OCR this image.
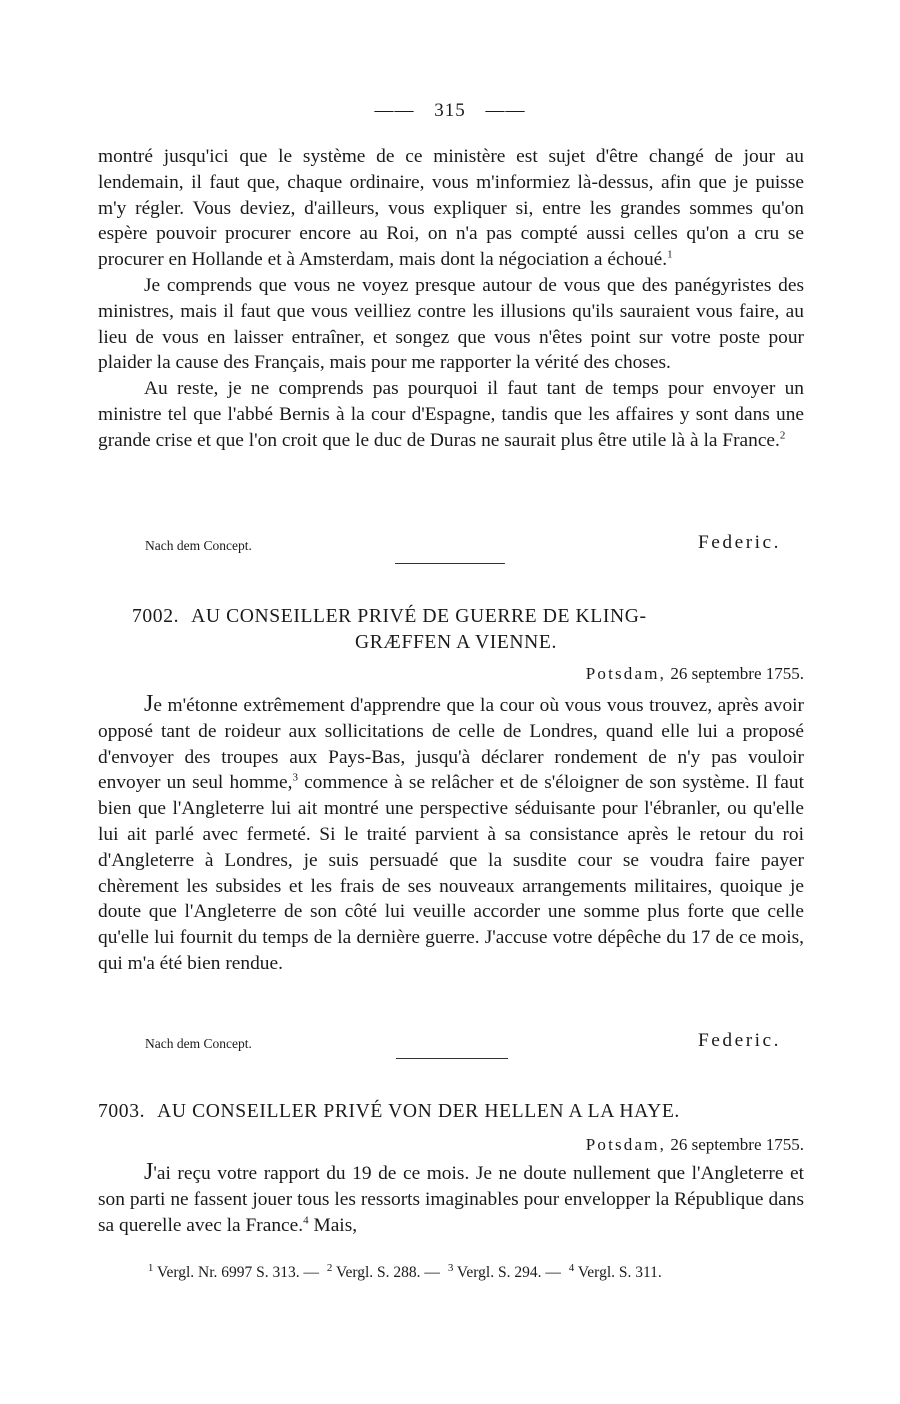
—— 315 ——

montré jusqu'ici que le système de ce ministère est sujet d'être changé de jour au lendemain, il faut que, chaque ordinaire, vous m'informiez là-dessus, afin que je puisse m'y régler. Vous deviez, d'ailleurs, vous expliquer si, entre les grandes sommes qu'on espère pouvoir procurer encore au Roi, on n'a pas compté aussi celles qu'on a cru se procurer en Hollande et à Amsterdam, mais dont la négociation a échoué.$^1$

Je comprends que vous ne voyez presque autour de vous que des panégyristes des ministres, mais il faut que vous veilliez contre les illusions qu'ils sauraient vous faire, au lieu de vous en laisser entraîner, et songez que vous n'êtes point sur votre poste pour plaider la cause des Français, mais pour me rapporter la vérité des choses.

Au reste, je ne comprends pas pourquoi il faut tant de temps pour envoyer un ministre tel que l'abbé Bernis à la cour d'Espagne, tandis que les affaires y sont dans une grande crise et que l'on croit que le duc de Duras ne saurait plus être utile là à la France.$^2$

Nach dem Concept.	Federic.
7002. AU CONSEILLER PRIVÉ DE GUERRE DE KLING-
GRÆFFEN A VIENNE.
Potsdam, 26 septembre 1755.

Je m'étonne extrêmement d'apprendre que la cour où vous vous trouvez, après avoir opposé tant de roideur aux sollicitations de celle de Londres, quand elle lui a proposé d'envoyer des troupes aux Pays-Bas, jusqu'à déclarer rondement de n'y pas vouloir envoyer un seul homme,$^3$ commence à se relâcher et de s'éloigner de son système. Il faut bien que l'Angleterre lui ait montré une perspective séduisante pour l'ébranler, ou qu'elle lui ait parlé avec fermeté. Si le traité parvient à sa consistance après le retour du roi d'Angleterre à Londres, je suis persuadé que la susdite cour se voudra faire payer chèrement les subsides et les frais de ses nouveaux arrangements militaires, quoique je doute que l'Angleterre de son côté lui veuille accorder une somme plus forte que celle qu'elle lui fournit du temps de la dernière guerre. J'accuse votre dépêche du 17 de ce mois, qui m'a été bien rendue.

Nach dem Concept.	Federic.
7003. AU CONSEILLER PRIVÉ VON DER HELLEN A LA HAYE.
Potsdam, 26 septembre 1755.

J'ai reçu votre rapport du 19 de ce mois. Je ne doute nullement que l'Angleterre et son parti ne fassent jouer tous les ressorts imaginables pour envelopper la République dans sa querelle avec la France.$^4$ Mais,

$^1$ Vergl. Nr. 6997 S. 313. — $^2$ Vergl. S. 288. — $^3$ Vergl. S. 294. — $^4$ Vergl. S. 311.
